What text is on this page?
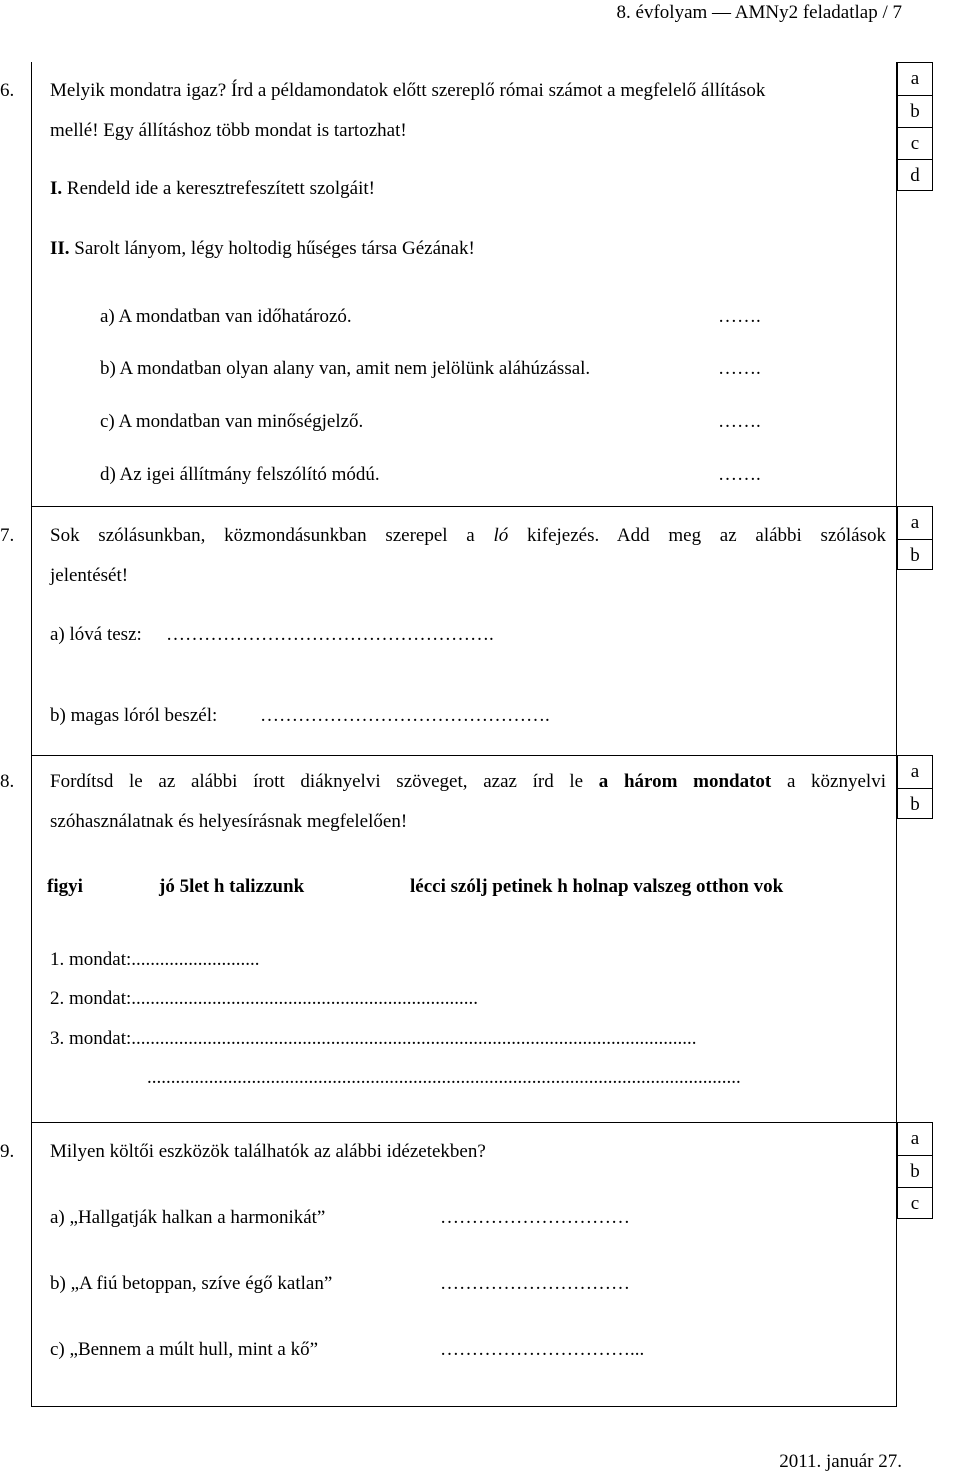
8. évfolyam — AMNy2 feladatlap / 7
6. Melyik mondatra igaz? Írd a példamondatok előtt szereplő római számot a megfelelő állítások
mellé! Egy állításhoz több mondat is tartozhat!
I. Rendeld ide a keresztrefeszített szolgáit!
II. Sarolt lányom, légy holtodig hűséges társa Gézának!
a) A mondatban van időhatározó.	…….
b) A mondatban olyan alany van, amit nem jelölünk aláhúzással.	…….
c) A mondatban van minőségjelző.	…….
d) Az igei állítmány felszólító módú.	…….
a
b
c
d
7. Sok szólásunkban, közmondásunkban szerepel a ló kifejezés. Add meg az alábbi szólások
jelentését!
a) lóvá tesz: …………………………………………….
b) magas lóról beszél: ……………………………………….
a
b
8. Fordítsd le az alábbi írott diáknyelvi szöveget, azaz írd le a három mondatot a köznyelvi
szóhasználatnak és helyesírásnak megfelelően!
figyi	jó 5let h talizzunk	lécci szólj petinek h holnap valszeg otthon vok
1. mondat:...........................
2. mondat:.........................................................................
3. mondat:.......................................................................................................................
.............................................................................................................................
a
b
9. Milyen költői eszközök találhatók az alábbi idézetekben?
a) „Hallgatják halkan a harmonikát”	…………………………
b) „A fiú betoppan, szíve égő katlan”	…………………………
c) „Bennem a múlt hull, mint a kő”	…………………………...
a
b
c
2011. január 27.
